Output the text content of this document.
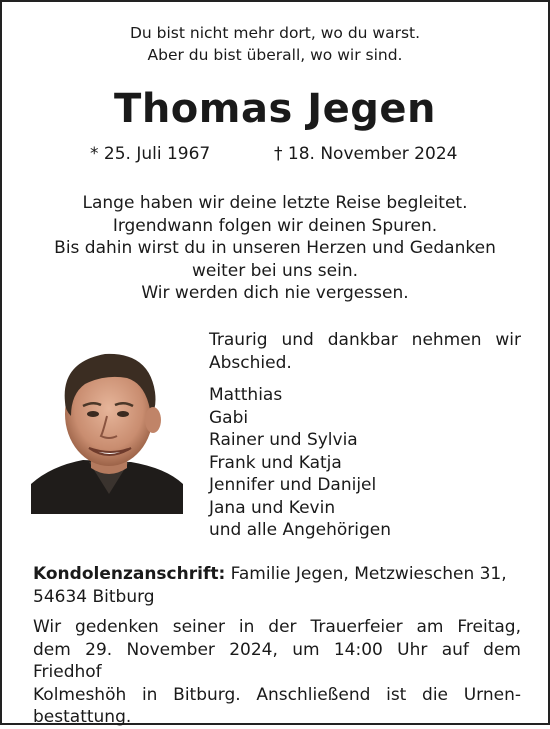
Du bist nicht mehr dort, wo du warst.
Aber du bist überall, wo wir sind.
Thomas Jegen
* 25. Juli 1967	† 18. November 2024
Lange haben wir deine letzte Reise begleitet.
Irgendwann folgen wir deinen Spuren.
Bis dahin wirst du in unseren Herzen und Gedanken
weiter bei uns sein.
Wir werden dich nie vergessen.
Traurig und dankbar nehmen wir
Abschied.
Matthias
Gabi
Rainer und Sylvia
Frank und Katja
Jennifer und Danijel
Jana und Kevin
und alle Angehörigen
Kondolenzanschrift: Familie Jegen, Metzwieschen 31,
54634 Bitburg
Wir gedenken seiner in der Trauerfeier am Freitag,
dem 29. November 2024, um 14:00 Uhr auf dem Friedhof
Kolmeshöh in Bitburg. Anschließend ist die Urnen-
bestattung.
